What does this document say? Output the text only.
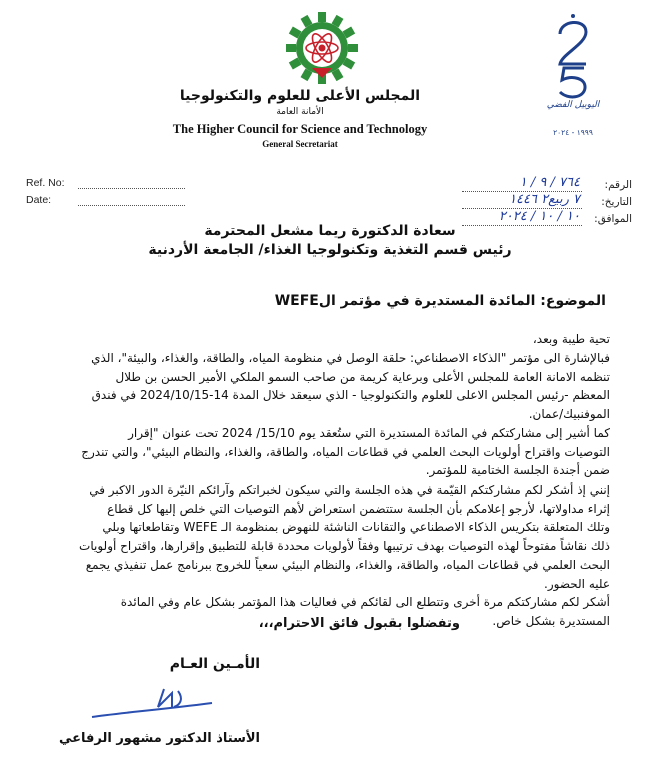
المجلس الأعلى للعلوم والتكنولوجيا
الأمانة العامة
The Higher Council for Science and Technology
General Secretariat
اليوبيل الفضي
١٩٩٩ - ٢٠٢٤
Ref. No:
Date:
الرقم:
التاريخ:
الموافق:
٧٦٤ / ٩ / ١
٧ ربيع٢ ١٤٤٦
١٠ / ١٠ / ٢٠٢٤
سعادة الدكتورة ريما مشعل المحترمة
رئيس قسم التغذية وتكنولوجيا الغذاء/ الجامعة الأردنية
الموضوع: المائدة المستديرة في مؤتمر الWEFE
تحية طيبة وبعد،
فبالإشارة الى مؤتمر "الذكاء الاصطناعي: حلقة الوصل في منظومة المياه، والطاقة، والغذاء، والبيئة"، الذي
تنظمه الامانة العامة للمجلس الأعلى وبرعاية كريمة من صاحب السمو الملكي الأمير الحسن بن طلال
المعظم -رئيس المجلس الاعلى للعلوم والتكنولوجيا - الذي سيعقد خلال المدة 14-2024/10/15 في فندق
الموفنبيك/عمان.
كما أشير إلى مشاركتكم في المائدة المستديرة التي ستُعقد يوم 15/10/ 2024 تحت عنوان "إقرار
التوصيات واقتراح أولويات البحث العلمي في قطاعات المياه، والطاقة، والغذاء، والنظام البيئي"، والتي تندرج
ضمن أجندة الجلسة الختامية للمؤتمر.
إنني إذ أشكر لكم مشاركتكم القيّمة في هذه الجلسة والتي سيكون لخبراتكم وآرائكم النيّرة الدور الاكبر في
إثراء مداولاتها، لأرجو إعلامكم بأن الجلسة ستتضمن استعراض لأهم التوصيات التي خلص إليها كل قطاع
وتلك المتعلقة بتكريس الذكاء الاصطناعي والتقانات الناشئة للنهوض بمنظومة الـ WEFE وتقاطعاتها وبلي
ذلك نقاشاً مفتوحاً لهذه التوصيات بهدف ترتيبها وفقاً لأولويات محددة قابلة للتطبيق وإقرارها، واقتراح أولويات
البحث العلمي في قطاعات المياه، والطاقة، والغذاء، والنظام البيئي سعياً للخروج ببرنامج عمل تنفيذي يجمع
عليه الحضور.
أشكر لكم مشاركتكم مرة أخرى وتتطلع الى لقائكم في فعاليات هذا المؤتمر بشكل عام وفي المائدة
المستديرة بشكل خاص.
وتفضلوا بقبول فائق الاحترام،،،
الأمـين العـام
الأستاذ الدكتور مشهور الرفاعي
